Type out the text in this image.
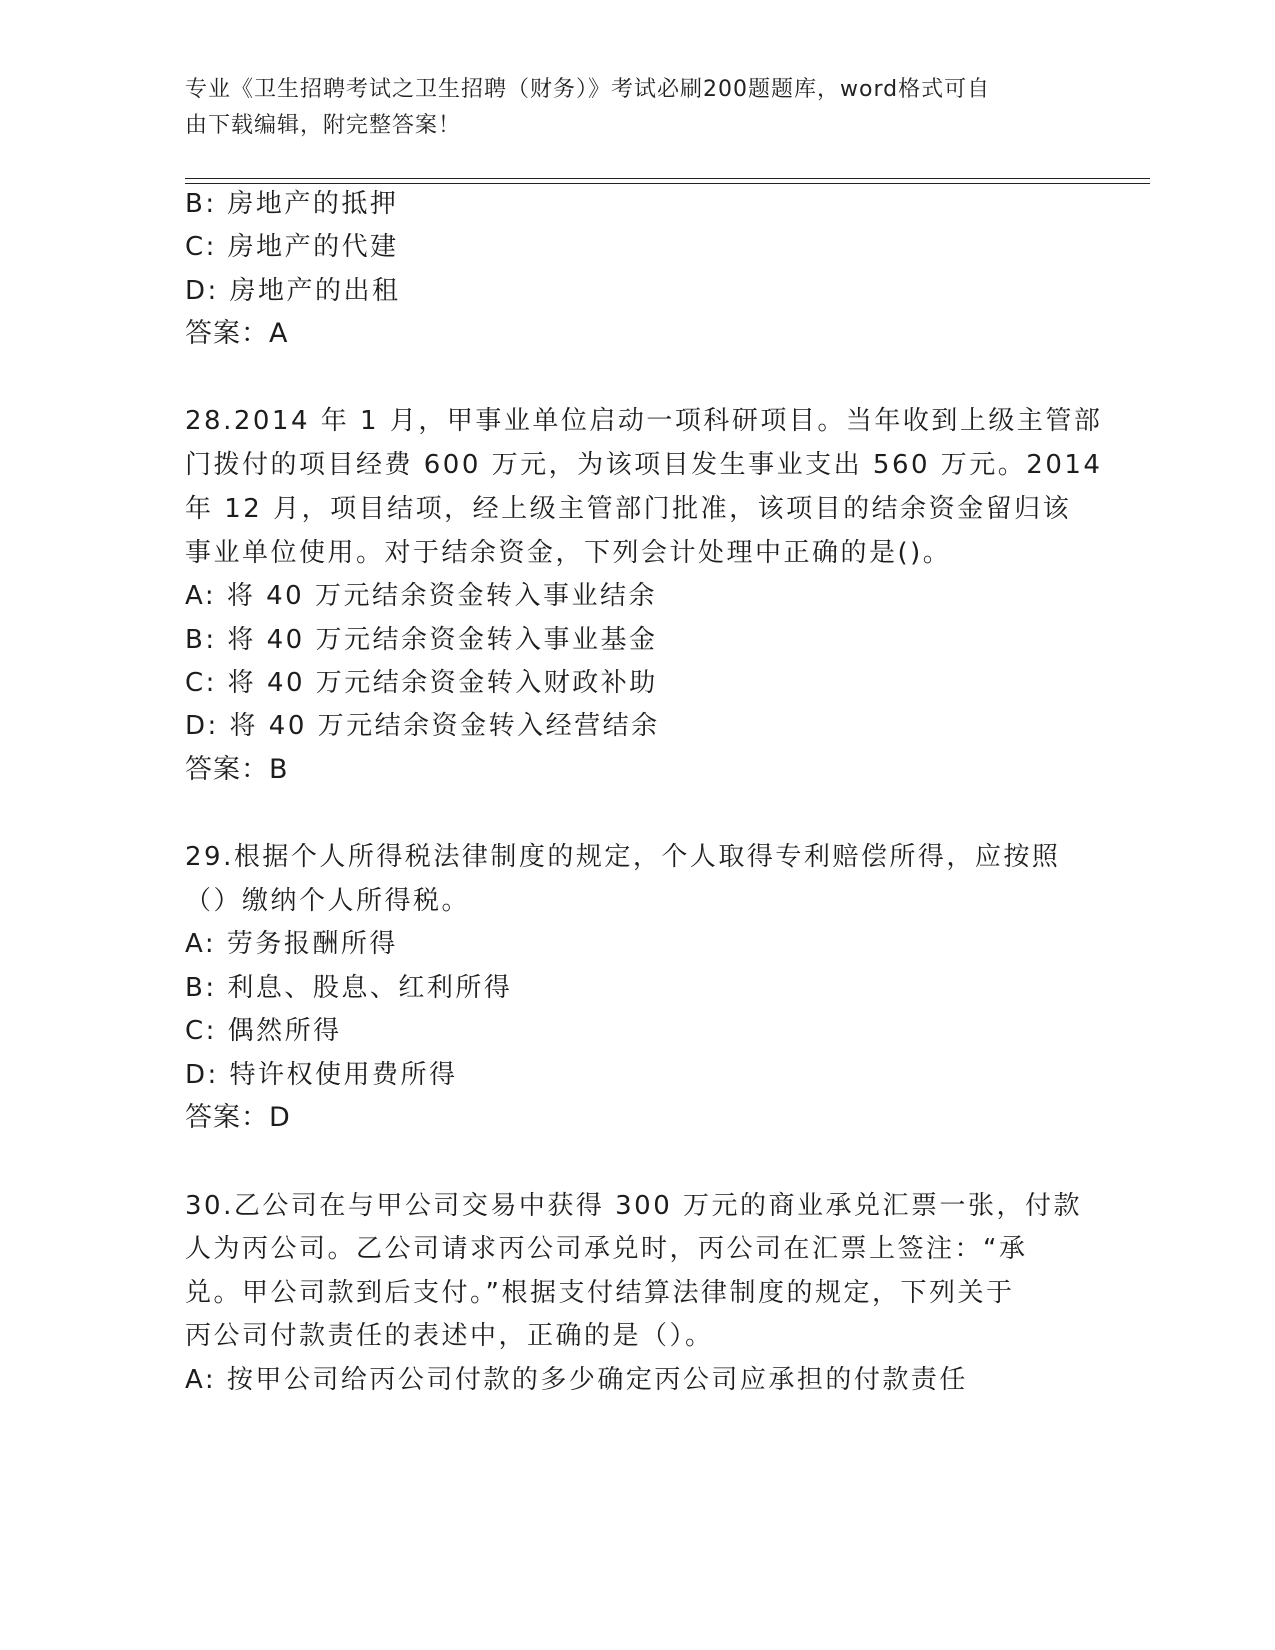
专业《卫生招聘考试之卫生招聘（财务）》考试必刷200题题库，word格式可自
由下载编辑，附完整答案！
B: 房地产的抵押
C: 房地产的代建
D: 房地产的出租
答案：A
28.2014 年 1 月，甲事业单位启动一项科研项目。当年收到上级主管部
门拨付的项目经费 600 万元，为该项目发生事业支出 560 万元。2014
年 12 月，项目结项，经上级主管部门批准，该项目的结余资金留归该
事业单位使用。对于结余资金，下列会计处理中正确的是()。
A: 将 40 万元结余资金转入事业结余
B: 将 40 万元结余资金转入事业基金
C: 将 40 万元结余资金转入财政补助
D: 将 40 万元结余资金转入经营结余
答案：B
29.根据个人所得税法律制度的规定，个人取得专利赔偿所得，应按照
（）缴纳个人所得税。
A: 劳务报酬所得
B: 利息、股息、红利所得
C: 偶然所得
D: 特许权使用费所得
答案：D
30.乙公司在与甲公司交易中获得 300 万元的商业承兑汇票一张，付款
人为丙公司。乙公司请求丙公司承兑时，丙公司在汇票上签注：“承
兑。甲公司款到后支付。”根据支付结算法律制度的规定，下列关于
丙公司付款责任的表述中，正确的是（）。
A: 按甲公司给丙公司付款的多少确定丙公司应承担的付款责任
